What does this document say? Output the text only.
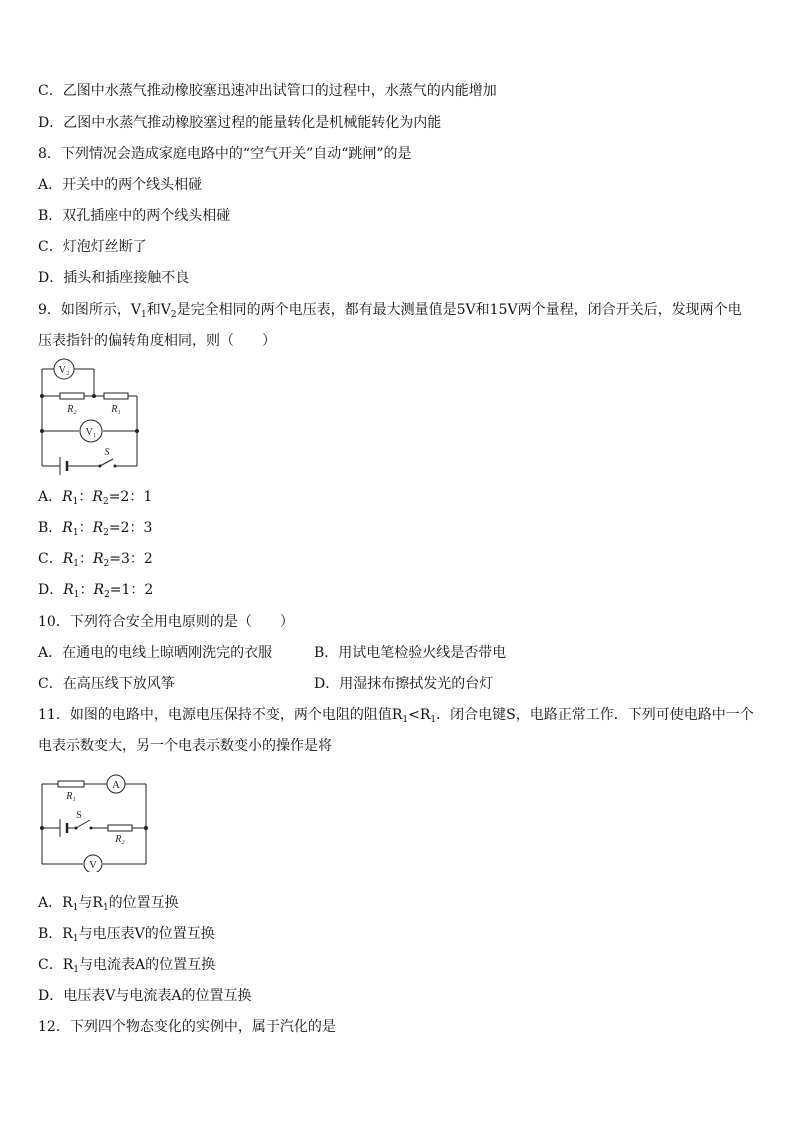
C．乙图中水蒸气推动橡胶塞迅速冲出试管口的过程中，水蒸气的内能增加
D．乙图中水蒸气推动橡胶塞过程的能量转化是机械能转化为内能
8．下列情况会造成家庭电路中的“空气开关”自动“跳闸”的是
A．开关中的两个线头相碰
B．双孔插座中的两个线头相碰
C．灯泡灯丝断了
D．插头和插座接触不良
9．如图所示，$V_1$和$V_2$是完全相同的两个电压表，都有最大测量值是5V和15V两个量程，闭合开关后，发现两个电
压表指针的偏转角度相同，则（　　）
V₂
R₂	R₁
V₁
S
A．$R_1$：$R_2=2$：1
B．$R_1$：$R_2=2$：3
C．$R_1$：$R_2=3$：2
D．$R_1$：$R_2=1$：2
10．下列符合安全用电原则的是（　　）
A．在通电的电线上晾晒刚洗完的衣服	B．用试电笔检验火线是否带电
C．在高压线下放风筝	D．用湿抹布擦拭发光的台灯
11．如图的电路中，电源电压保持不变，两个电阻的阻值$R_1<R_1$．闭合电键S，电路正常工作．下列可使电路中一个
电表示数变大，另一个电表示数变小的操作是将
R₁
A
S
R₂
V
A．$R_1$与$R_1$的位置互换
B．$R_1$与电压表V的位置互换
C．$R_1$与电流表A的位置互换
D．电压表V与电流表A的位置互换
12．下列四个物态变化的实例中，属于汽化的是
